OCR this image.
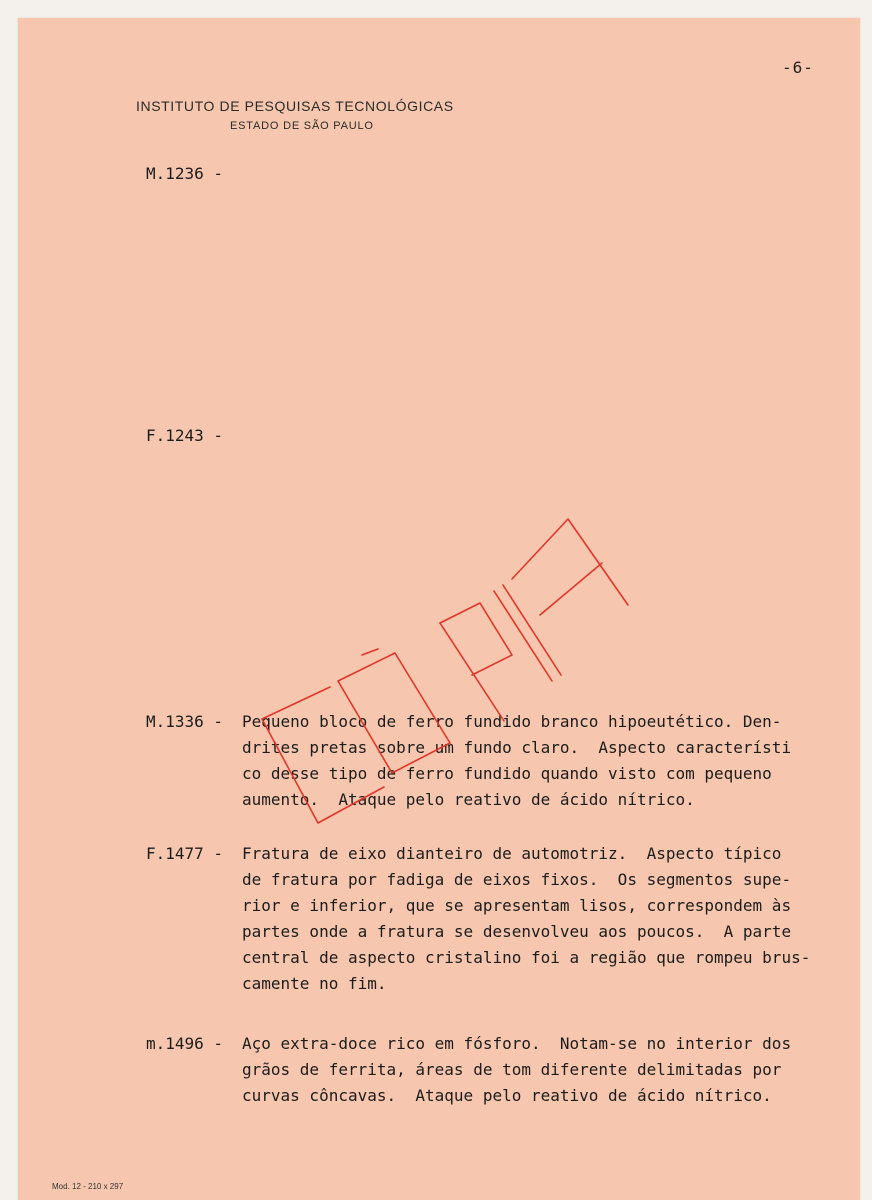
-6-
INSTITUTO DE PESQUISAS TECNOLÓGICAS
ESTADO DE SÃO PAULO
M.1236 -
F.1243 -
M.1336 - Pequeno bloco de ferro fundido branco hipoeutético. Den-
drites pretas sobre um fundo claro.  Aspecto característi
co desse tipo de ferro fundido quando visto com pequeno
aumento.  Ataque pelo reativo de ácido nítrico.
F.1477 - Fratura de eixo dianteiro de automotriz.  Aspecto típico
de fratura por fadiga de eixos fixos.  Os segmentos supe-
rior e inferior, que se apresentam lisos, correspondem às
partes onde a fratura se desenvolveu aos poucos.  A parte
central de aspecto cristalino foi a região que rompeu brus-
camente no fim.
m.1496 - Aço extra-doce rico em fósforo.  Notam-se no interior dos
grãos de ferrita, áreas de tom diferente delimitadas por
curvas côncavas.  Ataque pelo reativo de ácido nítrico.
Mod. 12 - 210 x 297
